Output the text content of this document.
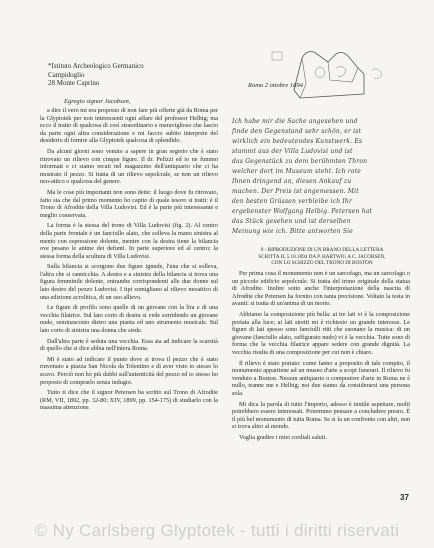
*Istituto Archeologico Germanico
Campidoglio
28 Monte Caprino	Roma 2 ottobre 1894
Egregio signor Jacobsen,

a dire il vero mi era proposto di non fare più offerte già da Roma per la Glyptotek per non interessenti ogni affare del professor Helbig; ma ecco il tratto di qualcosa di così straordinario e meraviglioso che lascio da parte ogni altra considerazione e mi faccio subito interprete del desiderio di fornire alla Glyptotek qualcosa di splendido.

Da alcuni giorni sono venuto a sapere in gran segreto che è stato ritrovato un rilievo con cinque figure. Il dr. Pelizzi ed io ne fummo informati e ci siamo recati nel magazzino dell'antiquario che ci ha mostrato il pezzo. Si tratta di un rilievo sepolcrale, se non un rilievo neo-attico o qualcosa del genere.

Ma le cose più importanti non sono dette: il luogo dove fu ritrovato, fatto sta che dal primo momento ho capito di quale tesoro si tratti: è il Trono di Afrodite della Villa Ludovisi. Ed è la parte più interessante e meglio conservata.

La forma è la stessa del trono di Villa Ludovisi (fig. 2). Al centro della parte frontale è un fanciullo alato, che solleva la mano sinistra al mento con espressione dolente, mentre con la destra tiene la bilancia ove pesano le anime dei defunti. In parte superiore ed al centro; la stessa forma della scultura di Villa Ludovisi.

Sulla bilancia si scorgono due figure ignude, l'una che si solleva, l'altra che si rannicchia. A destra e a sinistra della bilancia si trova una figura femminile dolente, entrambe corrispondenti alle due donne sul lato destro del pezzo Ludovisi. I tipi somigliano al rilievo neoattico di una edizione acrolitica, di un suo allievo.

Le figure di profilo sono quelle di un giovane con la lira e di una vecchia filatrice. Sul lato corto di destra si vede sorridendo un giovane nudo, seminascosto dietro una pianta ed uno strumento musicale. Sul lato corto di sinistra una donna che siede.

Dall'altra parte è seduta una vecchia. Essa sta ad indicare la scarsità di quello che si dice abbia nell'intera Roma.

Mi è stato ad indicare il punto dove si trova il pezzo che è stato rinvenuto a piazza San Nicola da Tolentino e di aver visto io stesso lo scavo. Perciò non ho più dubbi sull'autenticità del pezzo ed io stesso ho proposto di comprarlo senza indugio.

Tutto ti dice che il signor Petersen ha scritto sul Trono di Afrodite (RM, VII, 1892, pp. 32-80; XIV, 1899, pp. 154-175) di studiarlo con la massima attenzione.

Ich habe mir die Sache angesehen und
finde den Gegenstand sehr schön, er ist
wirklich ein bedeutendes Kunstwerk. Es
stammt aus der Villa Ludovisi und ist
das Gegenstück zu dem berühmten Thron
welcher dort im Museum steht. Ich rate
Ihnen dringend an, diesen Ankauf zu
machen. Der Preis ist angemessen. Mit
den besten Grüssen verbleibe ich Ihr
ergebenster Wolfgang Helbig. Petersen hat
das Stück gesehen und ist derselben
Meinung wie ich. Bitte antworten Sie
9 - RIPRODUZIONE DI UN BRANO DELLA LETTERA
SCRITTA IL 5.10.1894 DA P. HARTWIG A C. JACOBSEN,
CON LO SCHIZZO DEL TRONO DI BOSTON

Per prima cosa il monumento non è un sarcofago, ma un sarcofago o un piccolo edificio sepolcrale. Si tratta del trono originale della statua di Afrodite. Inoltre sotto anche l'interpretazione della nascita di Afrodite che Petersen ha fornito con tanta precisione. Voltato la testa in avanti: si tratta di un'anima di un morto.

Abbiamo la composizione più bella: ai tre lati vi è la composizione portata alla luce; ai lati stretti mi è richiesto un grande interesse. Le figure di lati spesso sono fanciulli ritti che suonano la musica: di un giovane (fanciullo alato, raffigurato nudo) vi è la vecchia. Tutte sono di forma che la vecchia filatrice appare sedere con grande dignità. La vecchia risulta di una composizione per cui non è chiaro.

Il rilievo è stato portato: come fanno a proposito di tale compito, il monumento appartiene ad un museo d'arte a scopi funerari. Il rilievo fu venduto a Boston. Nessun antiquario o compratore d'arte in Roma ne è nullo, tranne me e Helbig; noi due siamo da considerarsi una persona sola.

Mi dica la parola di tutto l'importo, adesso è inutile aspettare, molti potrebbero essere interessati. Potremmo pensare a concludere presto. È il più bel monumento di tutta Roma. Se si fa un confronto con altri, non si trova altro al mondo.

Voglia gradire i miei cordiali saluti.

37
© Ny Carlsberg Glyptotek - tutti i diritti riservati
